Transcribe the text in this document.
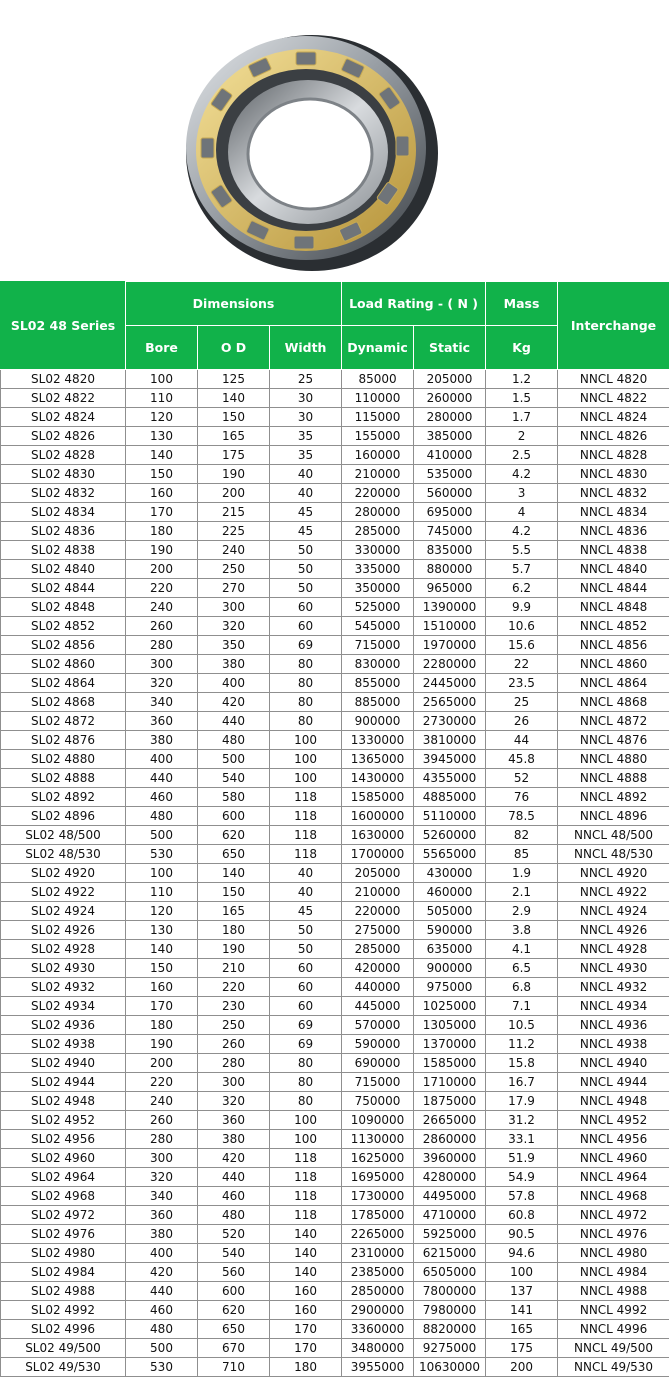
SL02 48 Series	Dimensions			Load Rating - ( N )		Mass	Interchange
	Bore	O D	Width	Dynamic	Static	Kg	
SL02 4820	100	125	25	85000	205000	1.2	NNCL 4820
SL02 4822	110	140	30	110000	260000	1.5	NNCL 4822
SL02 4824	120	150	30	115000	280000	1.7	NNCL 4824
SL02 4826	130	165	35	155000	385000	2	NNCL 4826
SL02 4828	140	175	35	160000	410000	2.5	NNCL 4828
SL02 4830	150	190	40	210000	535000	4.2	NNCL 4830
SL02 4832	160	200	40	220000	560000	3	NNCL 4832
SL02 4834	170	215	45	280000	695000	4	NNCL 4834
SL02 4836	180	225	45	285000	745000	4.2	NNCL 4836
SL02 4838	190	240	50	330000	835000	5.5	NNCL 4838
SL02 4840	200	250	50	335000	880000	5.7	NNCL 4840
SL02 4844	220	270	50	350000	965000	6.2	NNCL 4844
SL02 4848	240	300	60	525000	1390000	9.9	NNCL 4848
SL02 4852	260	320	60	545000	1510000	10.6	NNCL 4852
SL02 4856	280	350	69	715000	1970000	15.6	NNCL 4856
SL02 4860	300	380	80	830000	2280000	22	NNCL 4860
SL02 4864	320	400	80	855000	2445000	23.5	NNCL 4864
SL02 4868	340	420	80	885000	2565000	25	NNCL 4868
SL02 4872	360	440	80	900000	2730000	26	NNCL 4872
SL02 4876	380	480	100	1330000	3810000	44	NNCL 4876
SL02 4880	400	500	100	1365000	3945000	45.8	NNCL 4880
SL02 4888	440	540	100	1430000	4355000	52	NNCL 4888
SL02 4892	460	580	118	1585000	4885000	76	NNCL 4892
SL02 4896	480	600	118	1600000	5110000	78.5	NNCL 4896
SL02 48/500	500	620	118	1630000	5260000	82	NNCL 48/500
SL02 48/530	530	650	118	1700000	5565000	85	NNCL 48/530
SL02 4920	100	140	40	205000	430000	1.9	NNCL 4920
SL02 4922	110	150	40	210000	460000	2.1	NNCL 4922
SL02 4924	120	165	45	220000	505000	2.9	NNCL 4924
SL02 4926	130	180	50	275000	590000	3.8	NNCL 4926
SL02 4928	140	190	50	285000	635000	4.1	NNCL 4928
SL02 4930	150	210	60	420000	900000	6.5	NNCL 4930
SL02 4932	160	220	60	440000	975000	6.8	NNCL 4932
SL02 4934	170	230	60	445000	1025000	7.1	NNCL 4934
SL02 4936	180	250	69	570000	1305000	10.5	NNCL 4936
SL02 4938	190	260	69	590000	1370000	11.2	NNCL 4938
SL02 4940	200	280	80	690000	1585000	15.8	NNCL 4940
SL02 4944	220	300	80	715000	1710000	16.7	NNCL 4944
SL02 4948	240	320	80	750000	1875000	17.9	NNCL 4948
SL02 4952	260	360	100	1090000	2665000	31.2	NNCL 4952
SL02 4956	280	380	100	1130000	2860000	33.1	NNCL 4956
SL02 4960	300	420	118	1625000	3960000	51.9	NNCL 4960
SL02 4964	320	440	118	1695000	4280000	54.9	NNCL 4964
SL02 4968	340	460	118	1730000	4495000	57.8	NNCL 4968
SL02 4972	360	480	118	1785000	4710000	60.8	NNCL 4972
SL02 4976	380	520	140	2265000	5925000	90.5	NNCL 4976
SL02 4980	400	540	140	2310000	6215000	94.6	NNCL 4980
SL02 4984	420	560	140	2385000	6505000	100	NNCL 4984
SL02 4988	440	600	160	2850000	7800000	137	NNCL 4988
SL02 4992	460	620	160	2900000	7980000	141	NNCL 4992
SL02 4996	480	650	170	3360000	8820000	165	NNCL 4996
SL02 49/500	500	670	170	3480000	9275000	175	NNCL 49/500
SL02 49/530	530	710	180	3955000	10630000	200	NNCL 49/530
